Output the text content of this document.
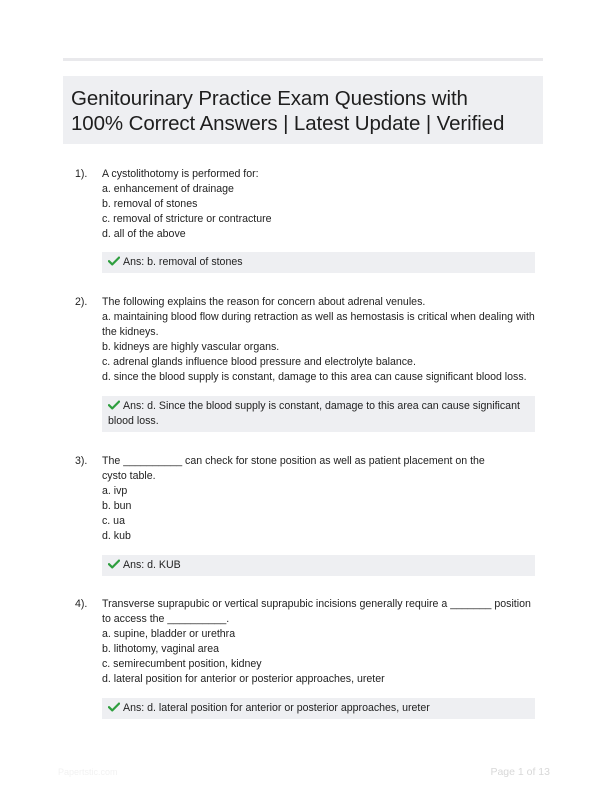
Genitourinary Practice Exam Questions with
100% Correct Answers | Latest Update | Verified
1).	A cystolithotomy is performed for:
a. enhancement of drainage
b. removal of stones
c. removal of stricture or contracture
d. all of the above
Ans: b. removal of stones
2).	The following explains the reason for concern about adrenal venules.
a. maintaining blood flow during retraction as well as hemostasis is critical when dealing with the kidneys.
b. kidneys are highly vascular organs.
c. adrenal glands influence blood pressure and electrolyte balance.
d. since the blood supply is constant, damage to this area can cause significant blood loss.
Ans: d. Since the blood supply is constant, damage to this area can cause significant blood loss.
3).	The __________ can check for stone position as well as patient placement on the cysto table.
a. ivp
b. bun
c. ua
d. kub
Ans: d. KUB
4).	Transverse suprapubic or vertical suprapubic incisions generally require a _______ position to access the __________.
a. supine, bladder or urethra
b. lithotomy, vaginal area
c. semirecumbent position, kidney
d. lateral position for anterior or posterior approaches, ureter
Ans: d. lateral position for anterior or posterior approaches, ureter
Papertstic.com	Page 1 of 13
